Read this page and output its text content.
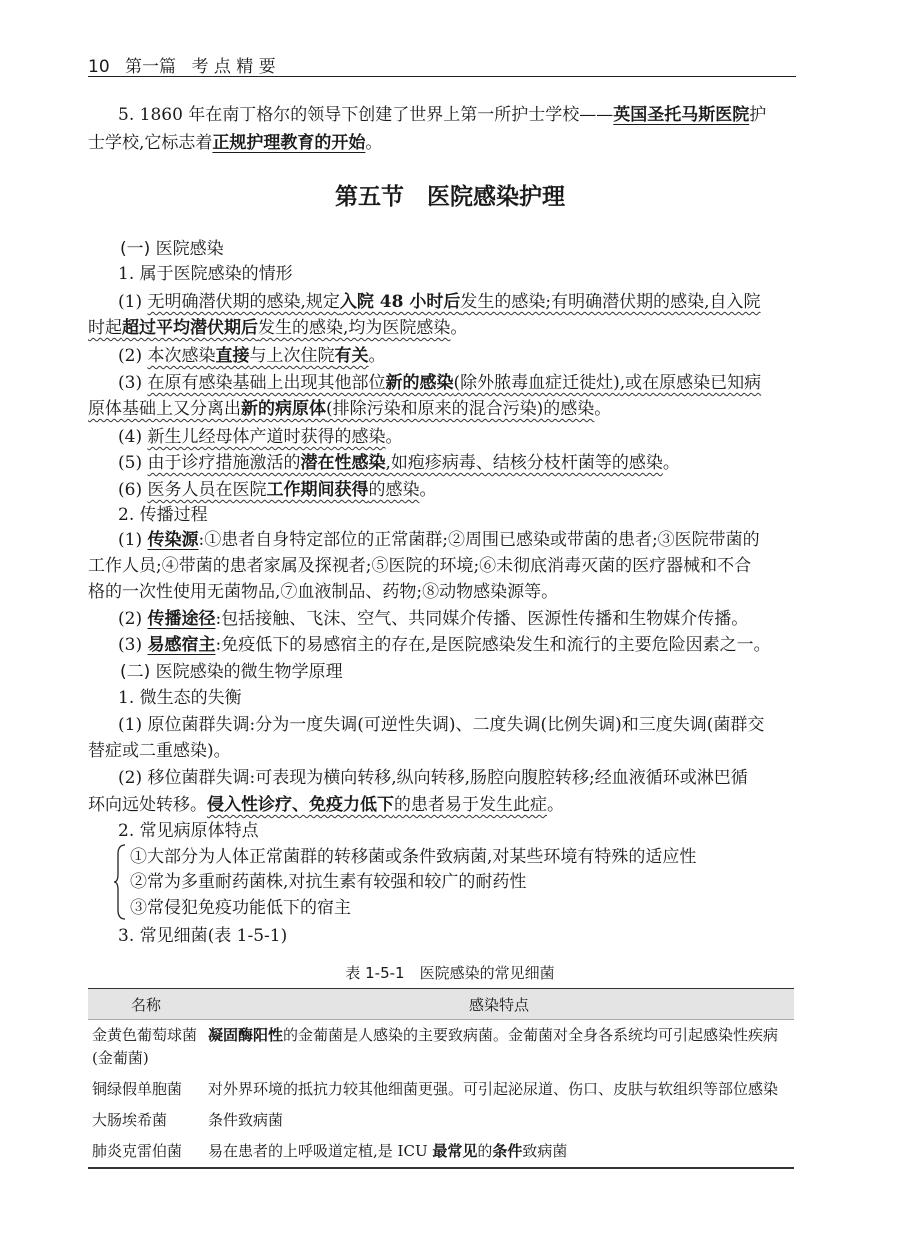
10 第一篇 考 点 精 要
5. 1860 年在南丁格尔的领导下创建了世界上第一所护士学校——英国圣托马斯医院护
士学校,它标志着正规护理教育的开始。
第五节　医院感染护理
(一) 医院感染
1. 属于医院感染的情形
(1) 无明确潜伏期的感染,规定入院 48 小时后发生的感染;有明确潜伏期的感染,自入院
时起超过平均潜伏期后发生的感染,均为医院感染。
(2) 本次感染直接与上次住院有关。
(3) 在原有感染基础上出现其他部位新的感染(除外脓毒血症迁徙灶),或在原感染已知病
原体基础上又分离出新的病原体(排除污染和原来的混合污染)的感染。
(4) 新生儿经母体产道时获得的感染。
(5) 由于诊疗措施激活的潜在性感染,如疱疹病毒、结核分枝杆菌等的感染。
(6) 医务人员在医院工作期间获得的感染。
2. 传播过程
(1) 传染源:①患者自身特定部位的正常菌群;②周围已感染或带菌的患者;③医院带菌的
工作人员;④带菌的患者家属及探视者;⑤医院的环境;⑥未彻底消毒灭菌的医疗器械和不合
格的一次性使用无菌物品,⑦血液制品、药物;⑧动物感染源等。
(2) 传播途径:包括接触、飞沫、空气、共同媒介传播、医源性传播和生物媒介传播。
(3) 易感宿主:免疫低下的易感宿主的存在,是医院感染发生和流行的主要危险因素之一。
(二) 医院感染的微生物学原理
1. 微生态的失衡
(1) 原位菌群失调:分为一度失调(可逆性失调)、二度失调(比例失调)和三度失调(菌群交
替症或二重感染)。
(2) 移位菌群失调:可表现为横向转移,纵向转移,肠腔向腹腔转移;经血液循环或淋巴循
环向远处转移。侵入性诊疗、免疫力低下的患者易于发生此症。
2. 常见病原体特点
①大部分为人体正常菌群的转移菌或条件致病菌,对某些环境有特殊的适应性
②常为多重耐药菌株,对抗生素有较强和较广的耐药性
③常侵犯免疫功能低下的宿主
3. 常见细菌(表 1-5-1)
表 1-5-1　医院感染的常见细菌
名称	感染特点
金黄色葡萄球菌(金葡菌)	凝固酶阳性的金葡菌是人感染的主要致病菌。金葡菌对全身各系统均可引起感染性疾病
铜绿假单胞菌	对外界环境的抵抗力较其他细菌更强。可引起泌尿道、伤口、皮肤与软组织等部位感染
大肠埃希菌	条件致病菌
肺炎克雷伯菌	易在患者的上呼吸道定植,是 ICU 最常见的条件致病菌
